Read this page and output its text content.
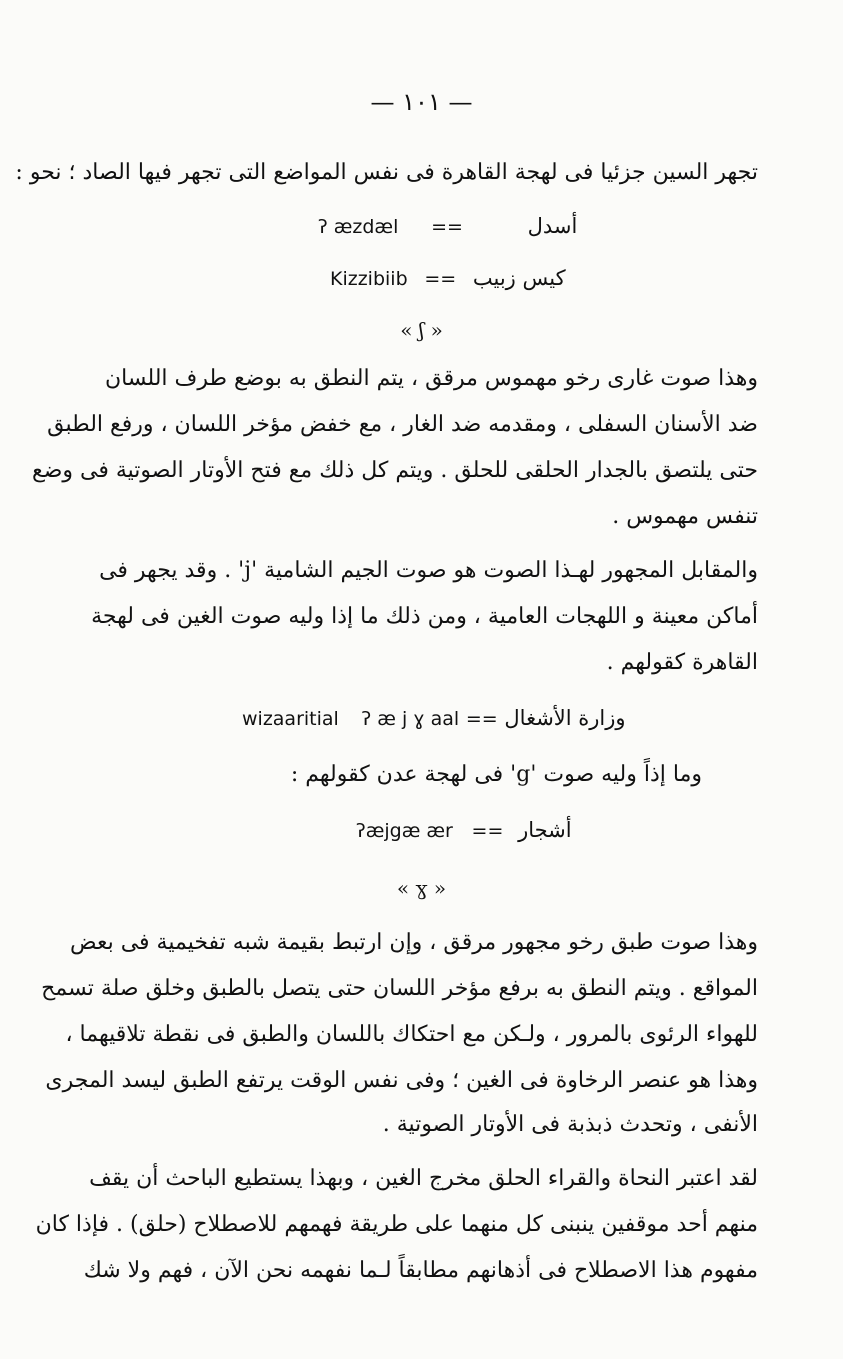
— ١٠١ —
تجهر السين جزئيا فى لهجة القاهرة فى نفس المواضع التى تجهر فيها الصاد ؛ نحو :
ʔ æzdæl ==	أسدل
Kizzibiib == كيس زبيب
« ʃ »
وهذا صوت غارى رخو مهموس مرقق ، يتم النطق به بوضع طرف اللسان
ضد الأسنان السفلى ، ومقدمه ضد الغار ، مع خفض مؤخر اللسان ، ورفع الطبق
حتى يلتصق بالجدار الحلقى للحلق . ويتم كل ذلك مع فتح الأوتار الصوتية فى وضع
تنفس مهموس .
والمقابل المجهور لهـذا الصوت هو صوت الجيم الشامية 'j' . وقد يجهر فى
أماكن معينة و اللهجات العامية ، ومن ذلك ما إذا وليه صوت الغين فى لهجة
القاهرة كقولهم .
wizaaritial ʔ æ j ɣ aal == وزارة الأشغال
وما إذاً وليه صوت 'g' فى لهجة عدن كقولهم :
ʔæjgæ ær == أشجار
« ɣ »
وهذا صوت طبق رخو مجهور مرقق ، وإن ارتبط بقيمة شبه تفخيمية فى بعض
المواقع . ويتم النطق به برفع مؤخر اللسان حتى يتصل بالطبق وخلق صلة تسمح
للهواء الرئوى بالمرور ، ولـكن مع احتكاك باللسان والطبق فى نقطة تلاقيهما ،
وهذا هو عنصر الرخاوة فى الغين ؛ وفى نفس الوقت يرتفع الطبق ليسد المجرى
الأنفى ، وتحدث ذبذبة فى الأوتار الصوتية .
لقد اعتبر النحاة والقراء الحلق مخرج الغين ، وبهذا يستطيع الباحث أن يقف
منهم أحد موقفين ينبنى كل منهما على طريقة فهمهم للاصطلاح (حلق) . فإذا كان
مفهوم هذا الاصطلاح فى أذهانهم مطابقاً لـما نفهمه نحن الآن ، فهم ولا شك
